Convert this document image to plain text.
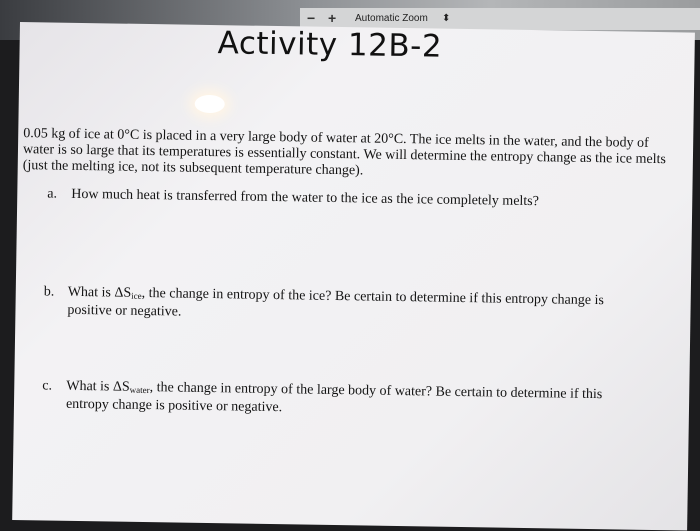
− + Automatic Zoom ⬍
Activity 12B-2
0.05 kg of ice at 0°C is placed in a very large body of water at 20°C. The ice melts in the water, and the body of water is so large that its temperatures is essentially constant. We will determine the entropy change as the ice melts (just the melting ice, not its subsequent temperature change).
a.	How much heat is transferred from the water to the ice as the ice completely melts?
b. What is $\Delta S_{ice}$, the change in entropy of the ice? Be certain to determine if this entropy change is positive or negative.
c.	What is $\Delta S_{water}$, the change in entropy of the large body of water? Be certain to determine if this entropy change is positive or negative.
